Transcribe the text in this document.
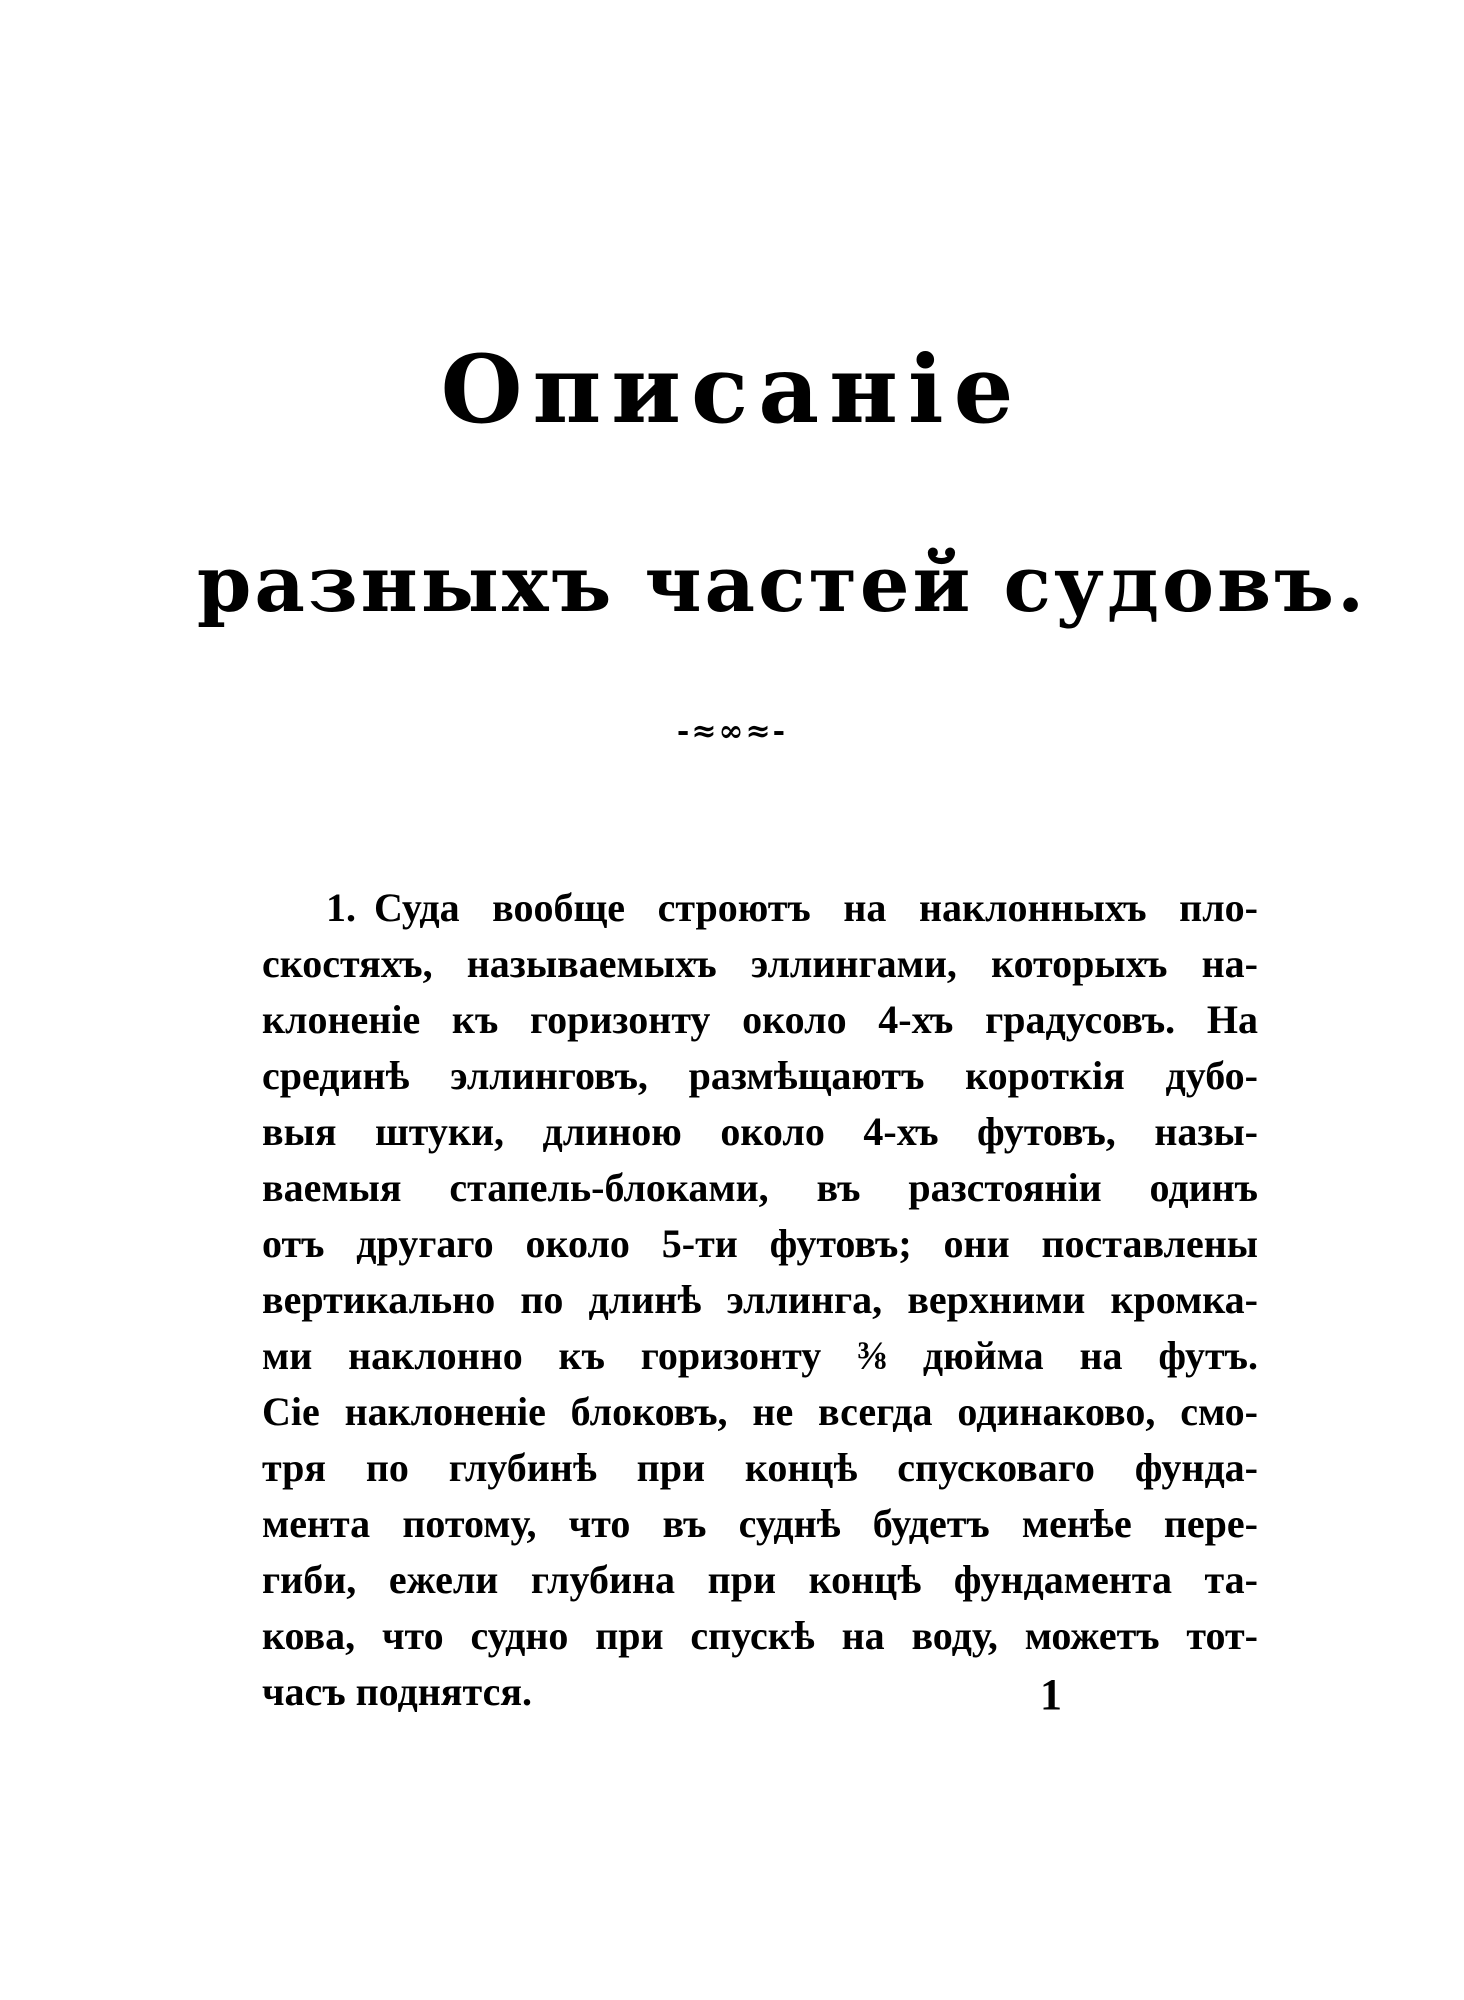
Описаніе
разныхъ частей судовъ.
-≈∞≈-
1. Суда вообще строютъ на наклонныхъ пло-
скостяхъ, называемыхъ эллингами, которыхъ на-
клоненіе къ горизонту около 4-хъ градусовъ. На
срединѣ эллинговъ, размѣщаютъ короткія дубо-
выя штуки, длиною около 4-хъ футовъ, назы-
ваемыя стапель-блоками, въ разстояніи одинъ
отъ другаго около 5-ти футовъ; они поставлены
вертикально по длинѣ эллинга, верхними кромка-
ми наклонно къ горизонту ⅜ дюйма на футъ.
Сіе наклоненіе блоковъ, не всегда одинаково, смо-
тря по глубинѣ при концѣ спусковаго фунда-
мента потому, что въ суднѣ будетъ менѣе пере-
гиби, ежели глубина при концѣ фундамента та-
кова, что судно при спускѣ на воду, можетъ тот-
часъ поднятся.	1
